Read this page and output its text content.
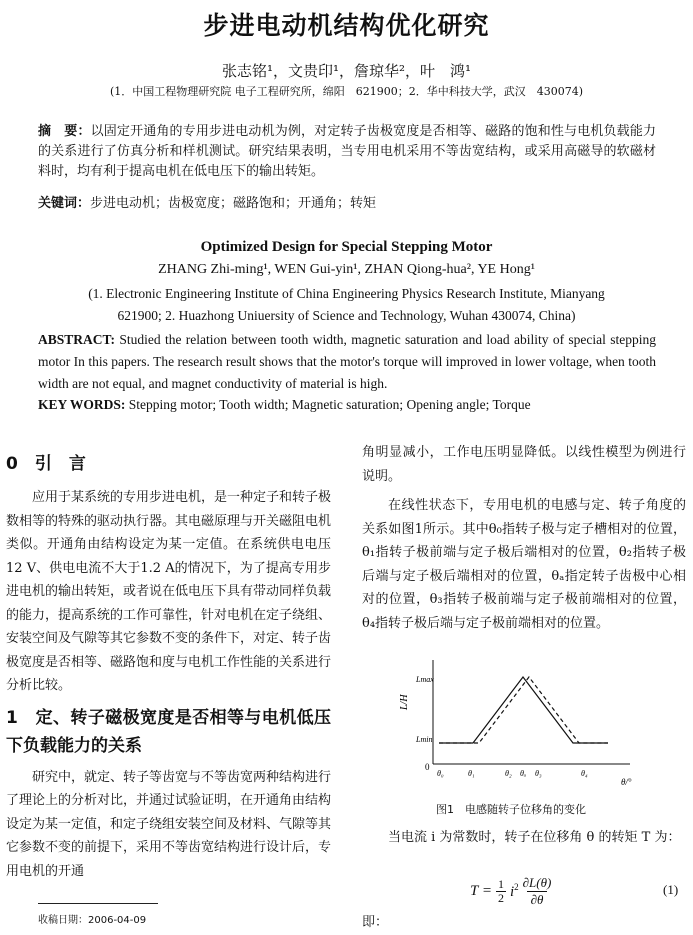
步进电动机结构优化研究
张志铭¹，文贵印¹，詹琼华²，叶　鸿¹
(1．中国工程物理研究院 电子工程研究所，绵阳　621900；2．华中科技大学，武汉　430074)
摘　要：以固定开通角的专用步进电动机为例，对定转子齿极宽度是否相等、磁路的饱和性与电机负载能力的关系进行了仿真分析和样机测试。研究结果表明，当专用电机采用不等齿宽结构，或采用高磁导的软磁材料时，均有利于提高电机在低电压下的输出转矩。
关键词：步进电动机；齿极宽度；磁路饱和；开通角；转矩
Optimized Design for Special Stepping Motor
ZHANG Zhi-ming¹, WEN Gui-yin¹, ZHAN Qiong-hua², YE Hong¹
(1. Electronic Engineering Institute of China Engineering Physics Research Institute, Mianyang
621900; 2. Huazhong Uniuersity of Science and Technology, Wuhan 430074, China)
ABSTRACT: Studied the relation between tooth width, magnetic saturation and load ability of special stepping motor In this papers. The research result shows that the motor's torque will improved in lower voltage, when tooth width are not equal, and magnet conductivity of material is high.
KEY WORDS: Stepping motor; Tooth width; Magnetic saturation; Opening angle; Torque
0　引　言

应用于某系统的专用步进电机，是一种定子和转子极数相等的特殊的驱动执行器。其电磁原理与开关磁阻电机类似。开通角由结构设定为某一定值。在系统供电电压12 V、供电电流不大于1.2 A的情况下，为了提高专用步进电机的输出转矩，或者说在低电压下具有带动同样负载的能力，提高系统的工作可靠性，针对电机在定子绕组、安装空间及气隙等其它参数不变的条件下，对定、转子齿极宽度是否相等、磁路饱和度与电机工作性能的关系进行分析比较。

1　定、转子磁极宽度是否相等与电机低压下负载能力的关系

研究中，就定、转子等齿宽与不等齿宽两种结构进行了理论上的分析对比，并通过试验证明，在开通角由结构设定为某一定值，和定子绕组安装空间及材料、气隙等其它参数不变的前提下，采用不等齿宽结构进行设计后，专用电机的开通

角明显减小，工作电压明显降低。以线性模型为例进行说明。

在线性状态下，专用电机的电感与定、转子角度的关系如图1所示。其中θ₀指转子极与定子槽相对的位置，θ₁指转子极前端与定子极后端相对的位置，θ₂指转子极后端与定子极后端相对的位置，θₐ指定转子齿极中心相对的位置，θ₃指转子极前端与定子极前端相对的位置，θ₄指转子极后端与定子极前端相对的位置。

L/H
θ/°
Lmax
Lmin
0
θ₀	θ₁	θ₂ θₐ θ₃	θ₄
图1　电感随转子位移角的变化

当电流 i 为常数时，转子在位移角 θ 的转矩 T 为：

$T = \frac{1}{2} i^2 \frac{\partial L(\theta)}{\partial\theta}$	(1)
即：
收稿日期：2006-04-09
